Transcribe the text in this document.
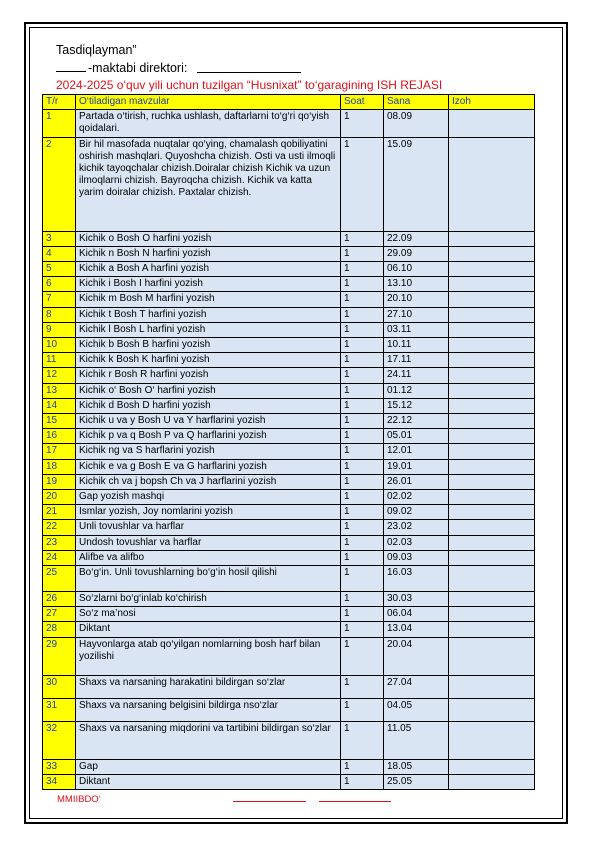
Tasdiqlayman”
-maktabi direktori:
2024-2025 o‘quv yili uchun tuzilgan “Husnixat” to‘garagining ISH REJASI
T/r	O‘tiladigan mavzular	Soat	Sana	Izoh
1	Partada o‘tirish, ruchka ushlash, daftarlarni to‘g‘ri qo‘yish qoidalari.	1	08.09	
2	Bir hil masofada nuqtalar qo‘ying, chamalash qobiliyatini oshirish mashqlari. Quyoshcha chizish. Osti va usti ilmoqli kichik tayoqchalar chizish.Doiralar chizish Kichik va uzun ilmoqlarni chizish. Bayroqcha chizish. Kichik va katta yarim doiralar chizish. Paxtalar chizish.	1	15.09	
3	Kichik o Bosh O harfini yozish	1	22.09	
4	Kichik n Bosh N harfini yozish	1	29.09	
5	Kichik a Bosh A harfini yozish	1	06.10	
6	Kichik i Bosh I harfini yozish	1	13.10	
7	Kichik m Bosh M harfini yozish	1	20.10	
8	Kichik t Bosh T harfini yozish	1	27.10	
9	Kichik l Bosh L harfini yozish	1	03.11	
10	Kichik b Bosh B harfini yozish	1	10.11	
11	Kichik k Bosh K harfini yozish	1	17.11	
12	Kichik r Bosh R harfini yozish	1	24.11	
13	Kichik o‘ Bosh O‘ harfini yozish	1	01.12	
14	Kichik d Bosh D harfini yozish	1	15.12	
15	Kichik u va y Bosh U va Y harflarini yozish	1	22.12	
16	Kichik p va q Bosh P va Q harflarini yozish	1	05.01	
17	Kichik ng va S harflarini yozish	1	12.01	
18	Kichik e va g Bosh E va G harflarini yozish	1	19.01	
19	Kichik ch va j bopsh Ch va J harflarini yozish	1	26.01	
20	Gap yozish mashqi	1	02.02	
21	Ismlar yozish, Joy nomlarini yozish	1	09.02	
22	Unli tovushlar va harflar	1	23.02	
23	Undosh tovushlar va harflar	1	02.03	
24	Alifbe va alifbo	1	09.03	
25	Bo‘g‘in. Unli tovushlarning bo‘g‘in hosil qilishi	1	16.03	
26	So‘zlarni bo‘g‘inlab ko‘chirish	1	30.03	
27	So‘z ma’nosi	1	06.04	
28	Diktant	1	13.04	
29	Hayvonlarga atab qo‘yilgan nomlarning bosh harf bilan yozilishi	1	20.04	
30	Shaxs va narsaning harakatini bildirgan so‘zlar	1	27.04	
31	Shaxs va narsaning belgisini bildirga nso‘zlar	1	04.05	
32	Shaxs va narsaning miqdorini va tartibini bildirgan so‘zlar	1	11.05	
33	Gap	1	18.05	
34	Diktant	1	25.05	
MMIIBDO‘
